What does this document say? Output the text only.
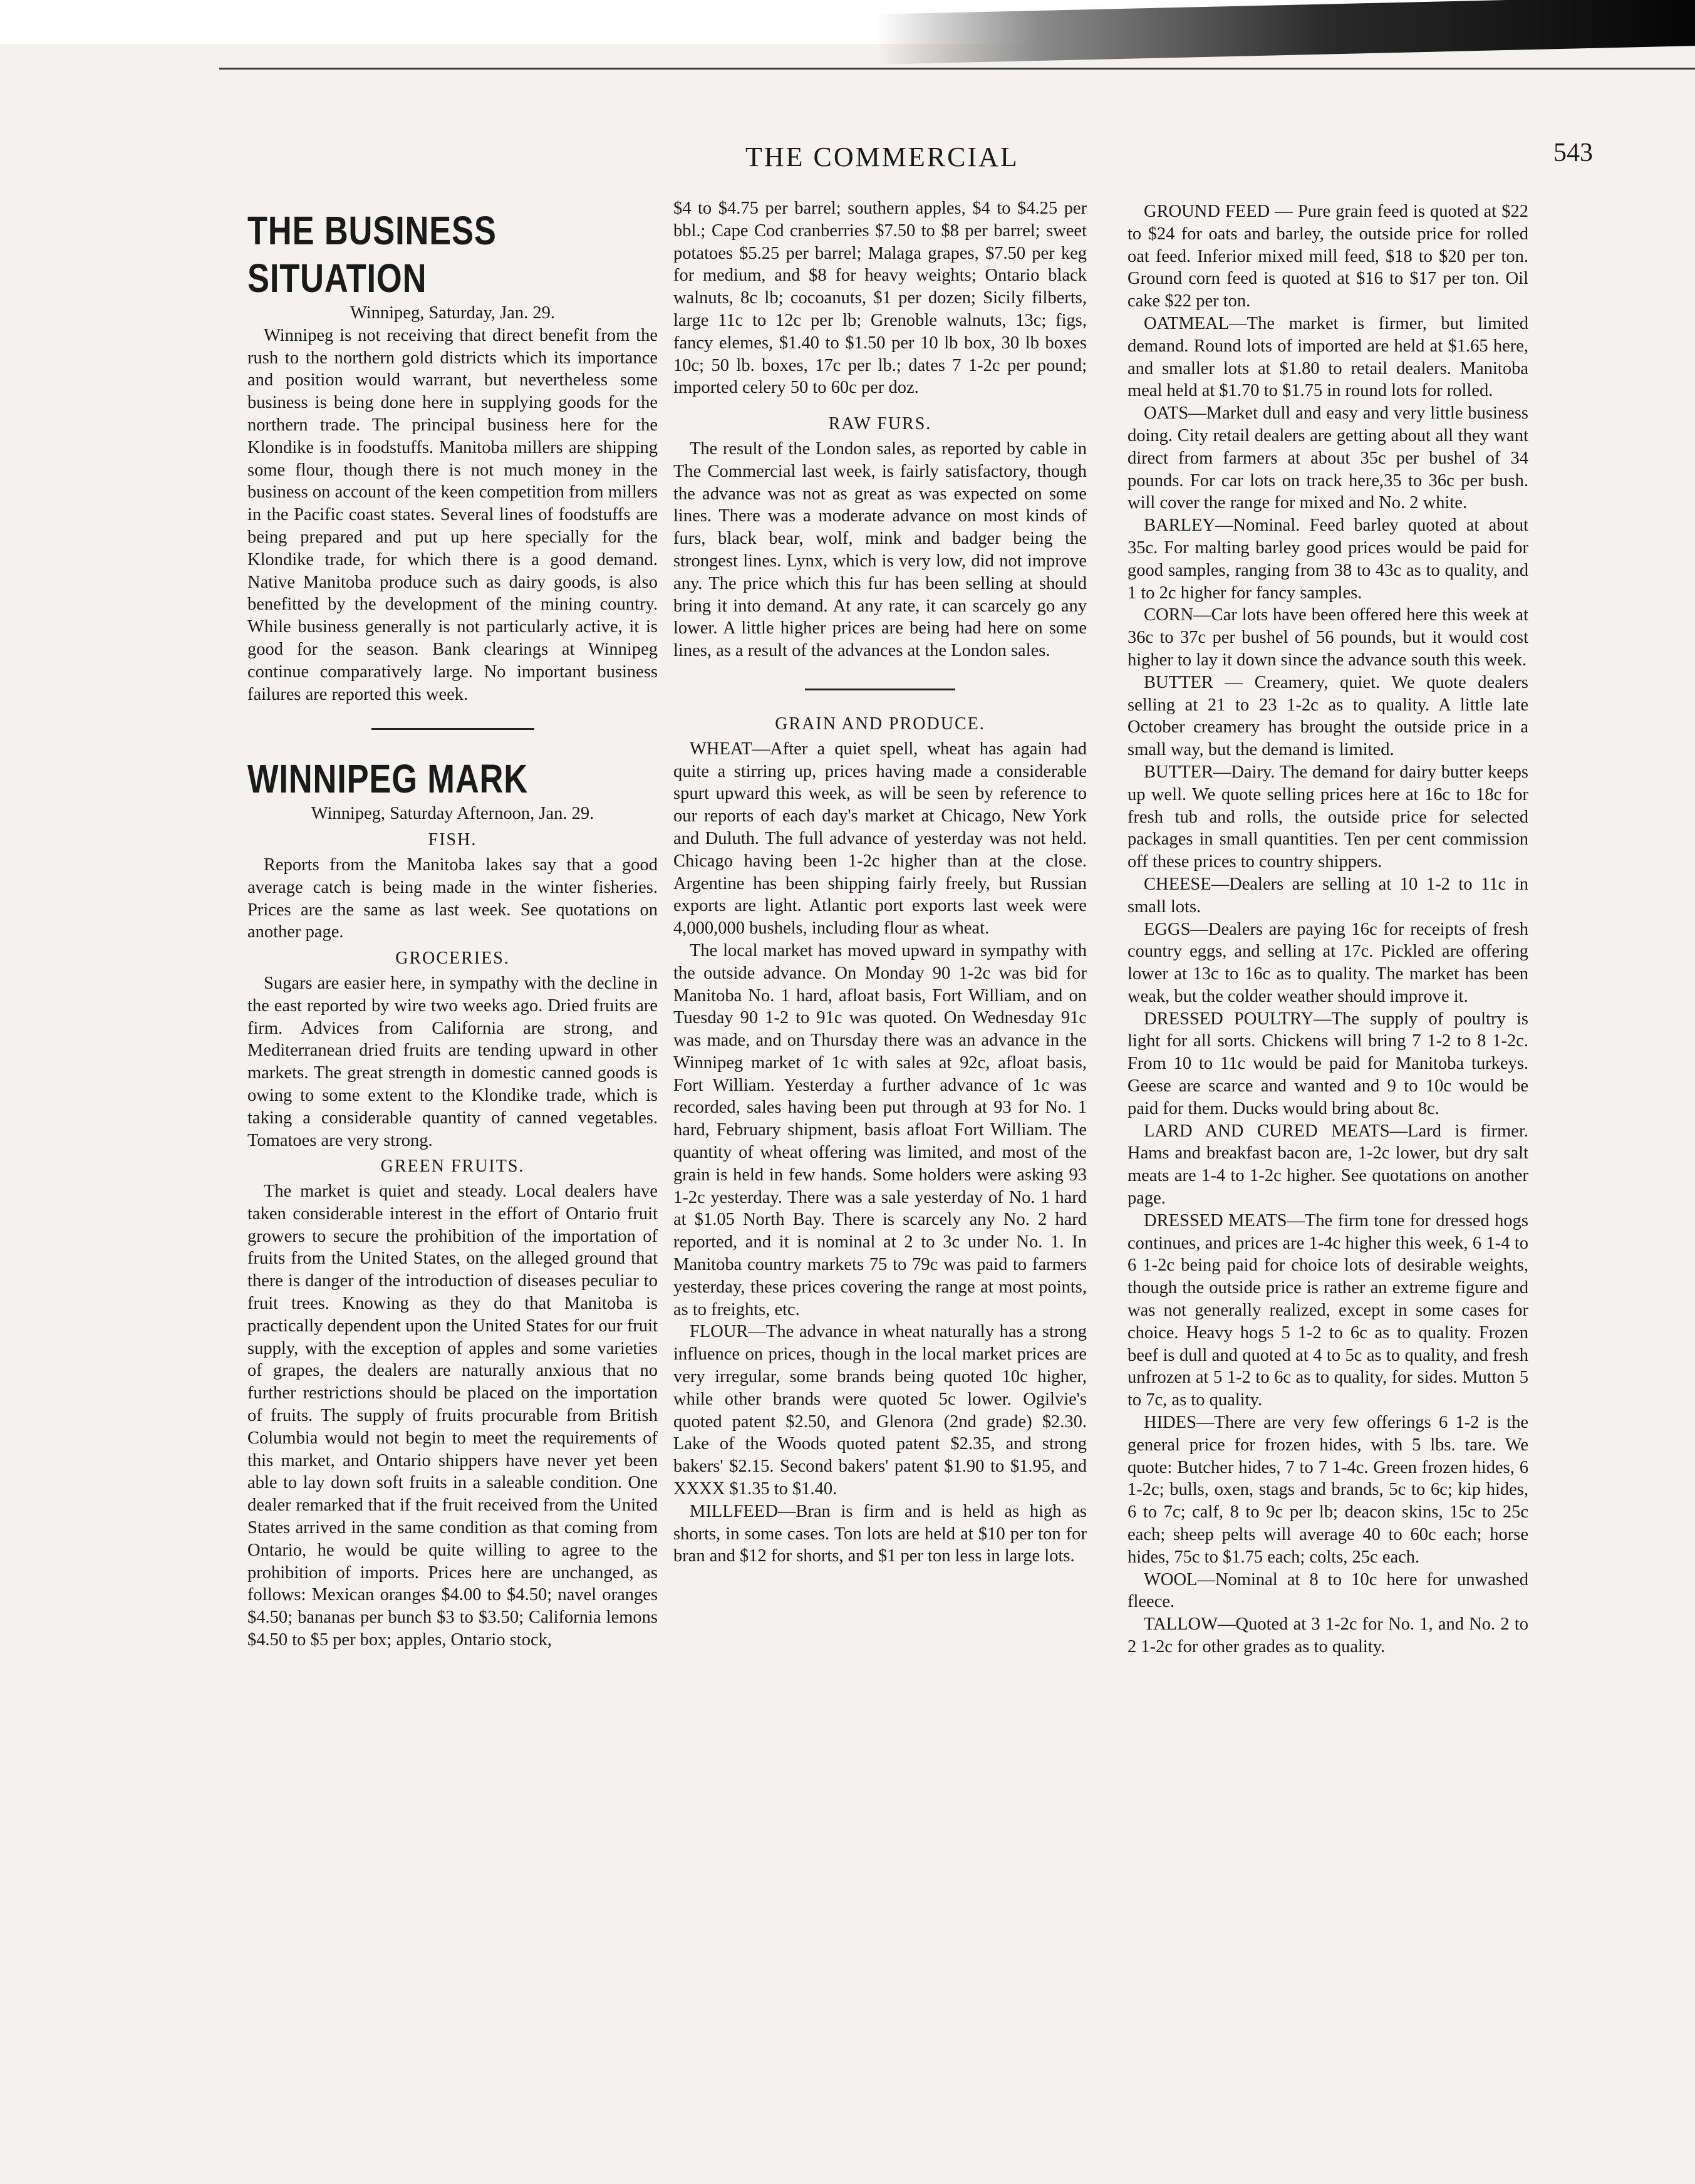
THE COMMERCIAL	543
THE BUSINESS SITUATION

Winnipeg, Saturday, Jan. 29.

Winnipeg is not receiving that direct benefit from the rush to the northern gold districts which its importance and position would warrant, but nevertheless some business is being done here in supplying goods for the northern trade. The principal business here for the Klondike is in foodstuffs. Manitoba millers are shipping some flour, though there is not much money in the business on account of the keen competition from millers in the Pacific coast states. Several lines of foodstuffs are being prepared and put up here specially for the Klondike trade, for which there is a good demand. Native Manitoba produce such as dairy goods, is also benefitted by the development of the mining country. While business generally is not particularly active, it is good for the season. Bank clearings at Winnipeg continue comparatively large. No important business failures are reported this week.

WINNIPEG MARK

Winnipeg, Saturday Afternoon, Jan. 29.

FISH.

Reports from the Manitoba lakes say that a good average catch is being made in the winter fisheries. Prices are the same as last week. See quotations on another page.

GROCERIES.

Sugars are easier here, in sympathy with the decline in the east reported by wire two weeks ago. Dried fruits are firm. Advices from California are strong, and Mediterranean dried fruits are tending upward in other markets. The great strength in domestic canned goods is owing to some extent to the Klondike trade, which is taking a considerable quantity of canned vegetables. Tomatoes are very strong.

GREEN FRUITS.

The market is quiet and steady. Local dealers have taken considerable interest in the effort of Ontario fruit growers to secure the prohibition of the importation of fruits from the United States, on the alleged ground that there is danger of the introduction of diseases peculiar to fruit trees. Knowing as they do that Manitoba is practically dependent upon the United States for our fruit supply, with the exception of apples and some varieties of grapes, the dealers are naturally anxious that no further restrictions should be placed on the importation of fruits. The supply of fruits procurable from British Columbia would not begin to meet the requirements of this market, and Ontario shippers have never yet been able to lay down soft fruits in a saleable condition. One dealer remarked that if the fruit received from the United States arrived in the same condition as that coming from Ontario, he would be quite willing to agree to the prohibition of imports. Prices here are unchanged, as follows: Mexican oranges $4.00 to $4.50; navel oranges $4.50; bananas per bunch $3 to $3.50; California lemons $4.50 to $5 per box; apples, Ontario stock,

$4 to $4.75 per barrel; southern apples, $4 to $4.25 per bbl.; Cape Cod cranberries $7.50 to $8 per barrel; sweet potatoes $5.25 per barrel; Malaga grapes, $7.50 per keg for medium, and $8 for heavy weights; Ontario black walnuts, 8c lb; cocoanuts, $1 per dozen; Sicily filberts, large 11c to 12c per lb; Grenoble walnuts, 13c; figs, fancy elemes, $1.40 to $1.50 per 10 lb box, 30 lb boxes 10c; 50 lb. boxes, 17c per lb.; dates 7 1-2c per pound; imported celery 50 to 60c per doz.

RAW FURS.

The result of the London sales, as reported by cable in The Commercial last week, is fairly satisfactory, though the advance was not as great as was expected on some lines. There was a moderate advance on most kinds of furs, black bear, wolf, mink and badger being the strongest lines. Lynx, which is very low, did not improve any. The price which this fur has been selling at should bring it into demand. At any rate, it can scarcely go any lower. A little higher prices are being had here on some lines, as a result of the advances at the London sales.

GRAIN AND PRODUCE.

WHEAT—After a quiet spell, wheat has again had quite a stirring up, prices having made a considerable spurt upward this week, as will be seen by reference to our reports of each day's market at Chicago, New York and Duluth. The full advance of yesterday was not held. Chicago having been 1-2c higher than at the close. Argentine has been shipping fairly freely, but Russian exports are light. Atlantic port exports last week were 4,000,000 bushels, including flour as wheat.

The local market has moved upward in sympathy with the outside advance. On Monday 90 1-2c was bid for Manitoba No. 1 hard, afloat basis, Fort William, and on Tuesday 90 1-2 to 91c was quoted. On Wednesday 91c was made, and on Thursday there was an advance in the Winnipeg market of 1c with sales at 92c, afloat basis, Fort William. Yesterday a further advance of 1c was recorded, sales having been put through at 93 for No. 1 hard, February shipment, basis afloat Fort William. The quantity of wheat offering was limited, and most of the grain is held in few hands. Some holders were asking 93 1-2c yesterday. There was a sale yesterday of No. 1 hard at $1.05 North Bay. There is scarcely any No. 2 hard reported, and it is nominal at 2 to 3c under No. 1. In Manitoba country markets 75 to 79c was paid to farmers yesterday, these prices covering the range at most points, as to freights, etc.

FLOUR—The advance in wheat naturally has a strong influence on prices, though in the local market prices are very irregular, some brands being quoted 10c higher, while other brands were quoted 5c lower. Ogilvie's quoted patent $2.50, and Glenora (2nd grade) $2.30. Lake of the Woods quoted patent $2.35, and strong bakers' $2.15. Second bakers' patent $1.90 to $1.95, and XXXX $1.35 to $1.40.

MILLFEED—Bran is firm and is held as high as shorts, in some cases. Ton lots are held at $10 per ton for bran and $12 for shorts, and $1 per ton less in large lots.

GROUND FEED — Pure grain feed is quoted at $22 to $24 for oats and barley, the outside price for rolled oat feed. Inferior mixed mill feed, $18 to $20 per ton. Ground corn feed is quoted at $16 to $17 per ton. Oil cake $22 per ton.

OATMEAL—The market is firmer, but limited demand. Round lots of imported are held at $1.65 here, and smaller lots at $1.80 to retail dealers. Manitoba meal held at $1.70 to $1.75 in round lots for rolled.

OATS—Market dull and easy and very little business doing. City retail dealers are getting about all they want direct from farmers at about 35c per bushel of 34 pounds. For car lots on track here,35 to 36c per bush. will cover the range for mixed and No. 2 white.

BARLEY—Nominal. Feed barley quoted at about 35c. For malting barley good prices would be paid for good samples, ranging from 38 to 43c as to quality, and 1 to 2c higher for fancy samples.

CORN—Car lots have been offered here this week at 36c to 37c per bushel of 56 pounds, but it would cost higher to lay it down since the advance south this week.

BUTTER — Creamery, quiet. We quote dealers selling at 21 to 23 1-2c as to quality. A little late October creamery has brought the outside price in a small way, but the demand is limited.

BUTTER—Dairy. The demand for dairy butter keeps up well. We quote selling prices here at 16c to 18c for fresh tub and rolls, the outside price for selected packages in small quantities. Ten per cent commission off these prices to country shippers.

CHEESE—Dealers are selling at 10 1-2 to 11c in small lots.

EGGS—Dealers are paying 16c for receipts of fresh country eggs, and selling at 17c. Pickled are offering lower at 13c to 16c as to quality. The market has been weak, but the colder weather should improve it.

DRESSED POULTRY—The supply of poultry is light for all sorts. Chickens will bring 7 1-2 to 8 1-2c. From 10 to 11c would be paid for Manitoba turkeys. Geese are scarce and wanted and 9 to 10c would be paid for them. Ducks would bring about 8c.

LARD AND CURED MEATS—Lard is firmer. Hams and breakfast bacon are, 1-2c lower, but dry salt meats are 1-4 to 1-2c higher. See quotations on another page.

DRESSED MEATS—The firm tone for dressed hogs continues, and prices are 1-4c higher this week, 6 1-4 to 6 1-2c being paid for choice lots of desirable weights, though the outside price is rather an extreme figure and was not generally realized, except in some cases for choice. Heavy hogs 5 1-2 to 6c as to quality. Frozen beef is dull and quoted at 4 to 5c as to quality, and fresh unfrozen at 5 1-2 to 6c as to quality, for sides. Mutton 5 to 7c, as to quality.

HIDES—There are very few offerings 6 1-2 is the general price for frozen hides, with 5 lbs. tare. We quote: Butcher hides, 7 to 7 1-4c. Green frozen hides, 6 1-2c; bulls, oxen, stags and brands, 5c to 6c; kip hides, 6 to 7c; calf, 8 to 9c per lb; deacon skins, 15c to 25c each; sheep pelts will average 40 to 60c each; horse hides, 75c to $1.75 each; colts, 25c each.

WOOL—Nominal at 8 to 10c here for unwashed fleece.

TALLOW—Quoted at 3 1-2c for No. 1, and No. 2 to 2 1-2c for other grades as to quality.
